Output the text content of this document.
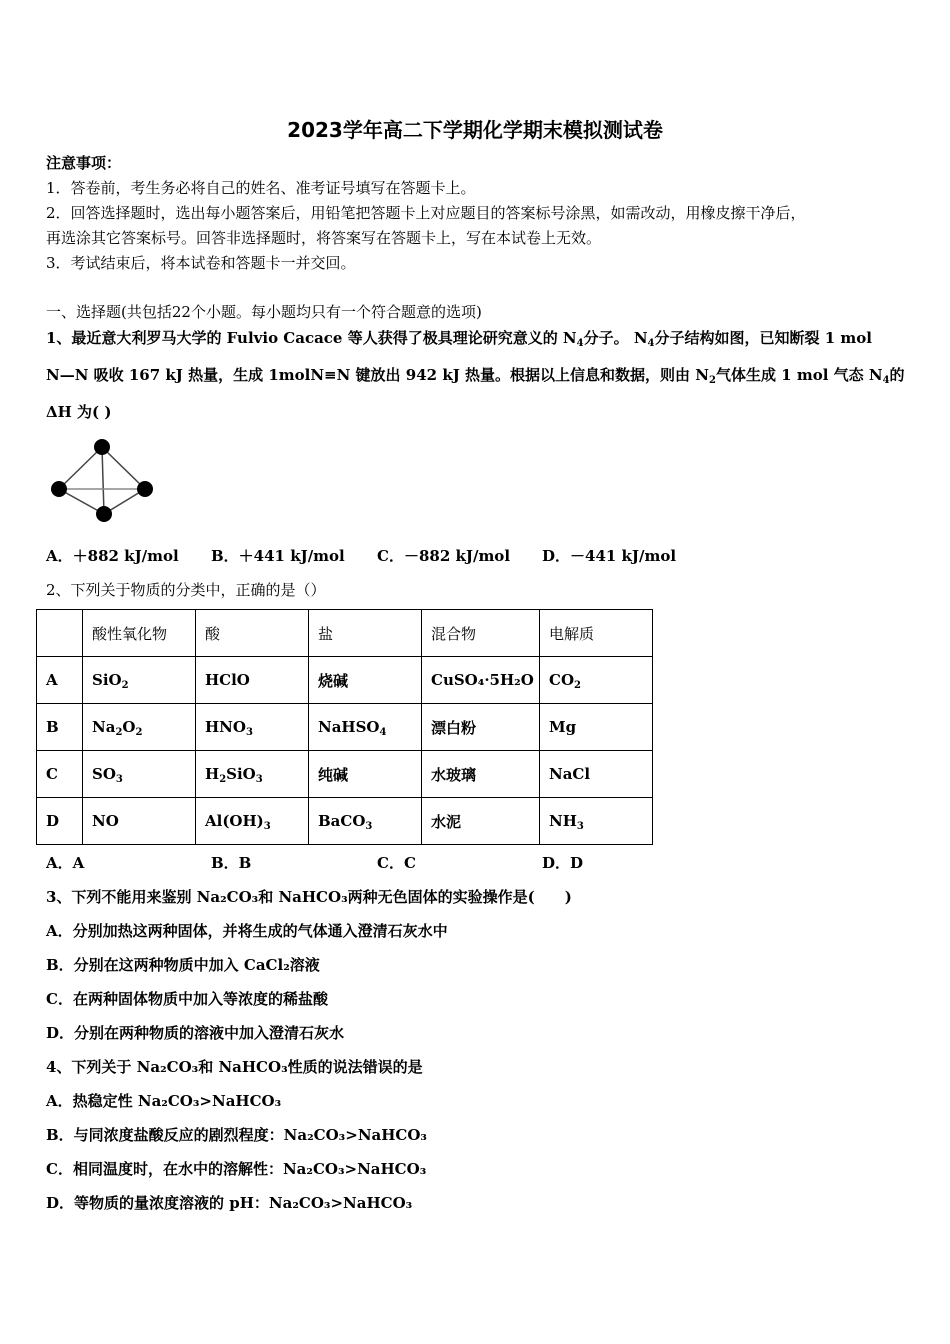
2023学年高二下学期化学期末模拟测试卷
注意事项：
1．答卷前，考生务必将自己的姓名、准考证号填写在答题卡上。
2．回答选择题时，选出每小题答案后，用铅笔把答题卡上对应题目的答案标号涂黑，如需改动，用橡皮擦干净后，
再选涂其它答案标号。回答非选择题时，将答案写在答题卡上，写在本试卷上无效。
3．考试结束后，将本试卷和答题卡一并交回。
一、选择题(共包括22个小题。每小题均只有一个符合题意的选项)
1、最近意大利罗马大学的 Fulvio Cacace 等人获得了极具理论研究意义的 $N_4$分子。 $N_4$分子结构如图，已知断裂 1 mol
N—N 吸收 167 kJ 热量，生成 1molN≡N 键放出 942 kJ 热量。根据以上信息和数据，则由 $N_2$气体生成 1 mol 气态 $N_4$的
ΔH 为( )
A．＋882 kJ/mol B．＋441 kJ/mol C．－882 kJ/mol D．－441 kJ/mol
2、下列关于物质的分类中，正确的是（）
	酸性氧化物	酸	盐	混合物	电解质
A	SiO$_2$	HClO	烧碱	CuSO₄·5H₂O	$CO_2$
B	$Na_2O_2$	$HNO_3$	NaHSO$_4$	漂白粉	Mg
C	$SO_3$	$H_2SiO_3$	纯碱	水玻璃	NaCl
D	NO	$Al(OH)_3$	BaCO$_3$	水泥	$NH_3$
A．A	B．B	C．C	D．D
3、下列不能用来鉴别 Na₂CO₃和 NaHCO₃两种无色固体的实验操作是(　　)
A．分别加热这两种固体，并将生成的气体通入澄清石灰水中
B．分别在这两种物质中加入 CaCl₂溶液
C．在两种固体物质中加入等浓度的稀盐酸
D．分别在两种物质的溶液中加入澄清石灰水
4、下列关于 Na₂CO₃和 NaHCO₃性质的说法错误的是
A．热稳定性 Na₂CO₃>NaHCO₃
B．与同浓度盐酸反应的剧烈程度：Na₂CO₃>NaHCO₃
C．相同温度时，在水中的溶解性：Na₂CO₃>NaHCO₃
D．等物质的量浓度溶液的 pH：Na₂CO₃>NaHCO₃
